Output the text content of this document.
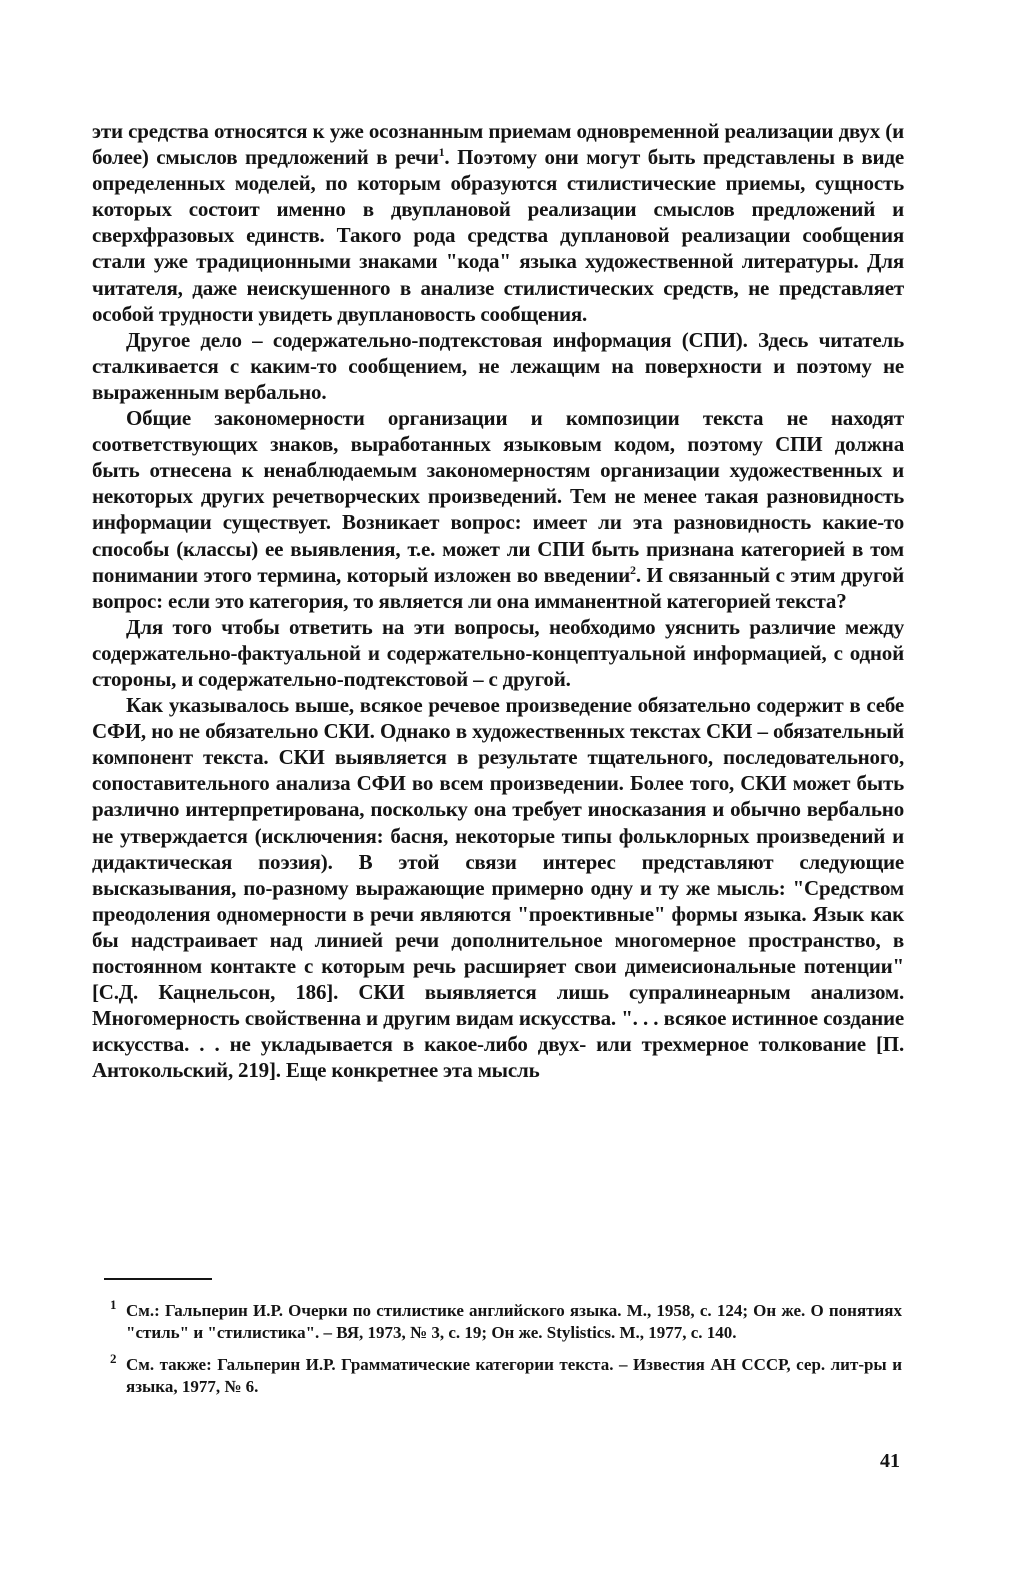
эти средства относятся к уже осознанным приемам одновременной реализации двух (и более) смыслов предложений в речи$^1$. Поэтому они могут быть представлены в виде определенных моделей, по которым образуются стилистические приемы, сущность которых состоит именно в двуплановой реализации смыслов предложений и сверхфразовых единств. Такого рода средства дуплановой реализации сообщения стали уже традиционными знаками "кода" языка художественной литературы. Для читателя, даже неискушенного в анализе стилистических средств, не представляет особой трудности увидеть двуплановость сообщения.

Другое дело – содержательно-подтекстовая информация (СПИ). Здесь читатель сталкивается с каким-то сообщением, не лежащим на поверхности и поэтому не выраженным вербально.

Общие закономерности организации и композиции текста не находят соответствующих знаков, выработанных языковым кодом, поэтому СПИ должна быть отнесена к ненаблюдаемым закономерностям организации художественных и некоторых других речетворческих произведений. Тем не менее такая разновидность информации существует. Возникает вопрос: имеет ли эта разновидность какие-то способы (классы) ее выявления, т.е. может ли СПИ быть признана категорией в том понимании этого термина, который изложен во введении$^2$. И связанный с этим другой вопрос: если это категория, то является ли она имманентной категорией текста?

Для того чтобы ответить на эти вопросы, необходимо уяснить различие между содержательно-фактуальной и содержательно-концептуальной информацией, с одной стороны, и содержательно-подтекстовой – с другой.

Как указывалось выше, всякое речевое произведение обязательно содержит в себе СФИ, но не обязательно СКИ. Однако в художественных текстах СКИ – обязательный компонент текста. СКИ выявляется в результате тщательного, последовательного, сопоставительного анализа СФИ во всем произведении. Более того, СКИ может быть различно интерпретирована, поскольку она требует иносказания и обычно вербально не утверждается (исключения: басня, некоторые типы фольклорных произведений и дидактическая поэзия). В этой связи интерес представляют следующие высказывания, по-разному выражающие примерно одну и ту же мысль: "Средством преодоления одномерности в речи являются "проективные" формы языка. Язык как бы надстраивает над линией речи дополнительное многомерное пространство, в постоянном контакте с которым речь расширяет свои димеисиональные потенции" [С.Д. Кацнельсон, 186]. СКИ выявляется лишь супралинеарным анализом. Многомерность свойственна и другим видам искусства. ". . . всякое истинное создание искусства. . . не укладывается в какое-либо двух- или трехмерное толкование [П. Антокольский, 219]. Еще конкретнее эта мысль

1 См.: Гальперин И.Р. Очерки по стилистике английского языка. М., 1958, с. 124; Он же. О понятиях "стиль" и "стилистика". – ВЯ, 1973, № 3, с. 19; Он же. Stylistics. M., 1977, c. 140.
2 См. также: Гальперин И.Р. Грамматические категории текста. – Известия АН СССР, сер. лит-ры и языка, 1977, № 6.
41
